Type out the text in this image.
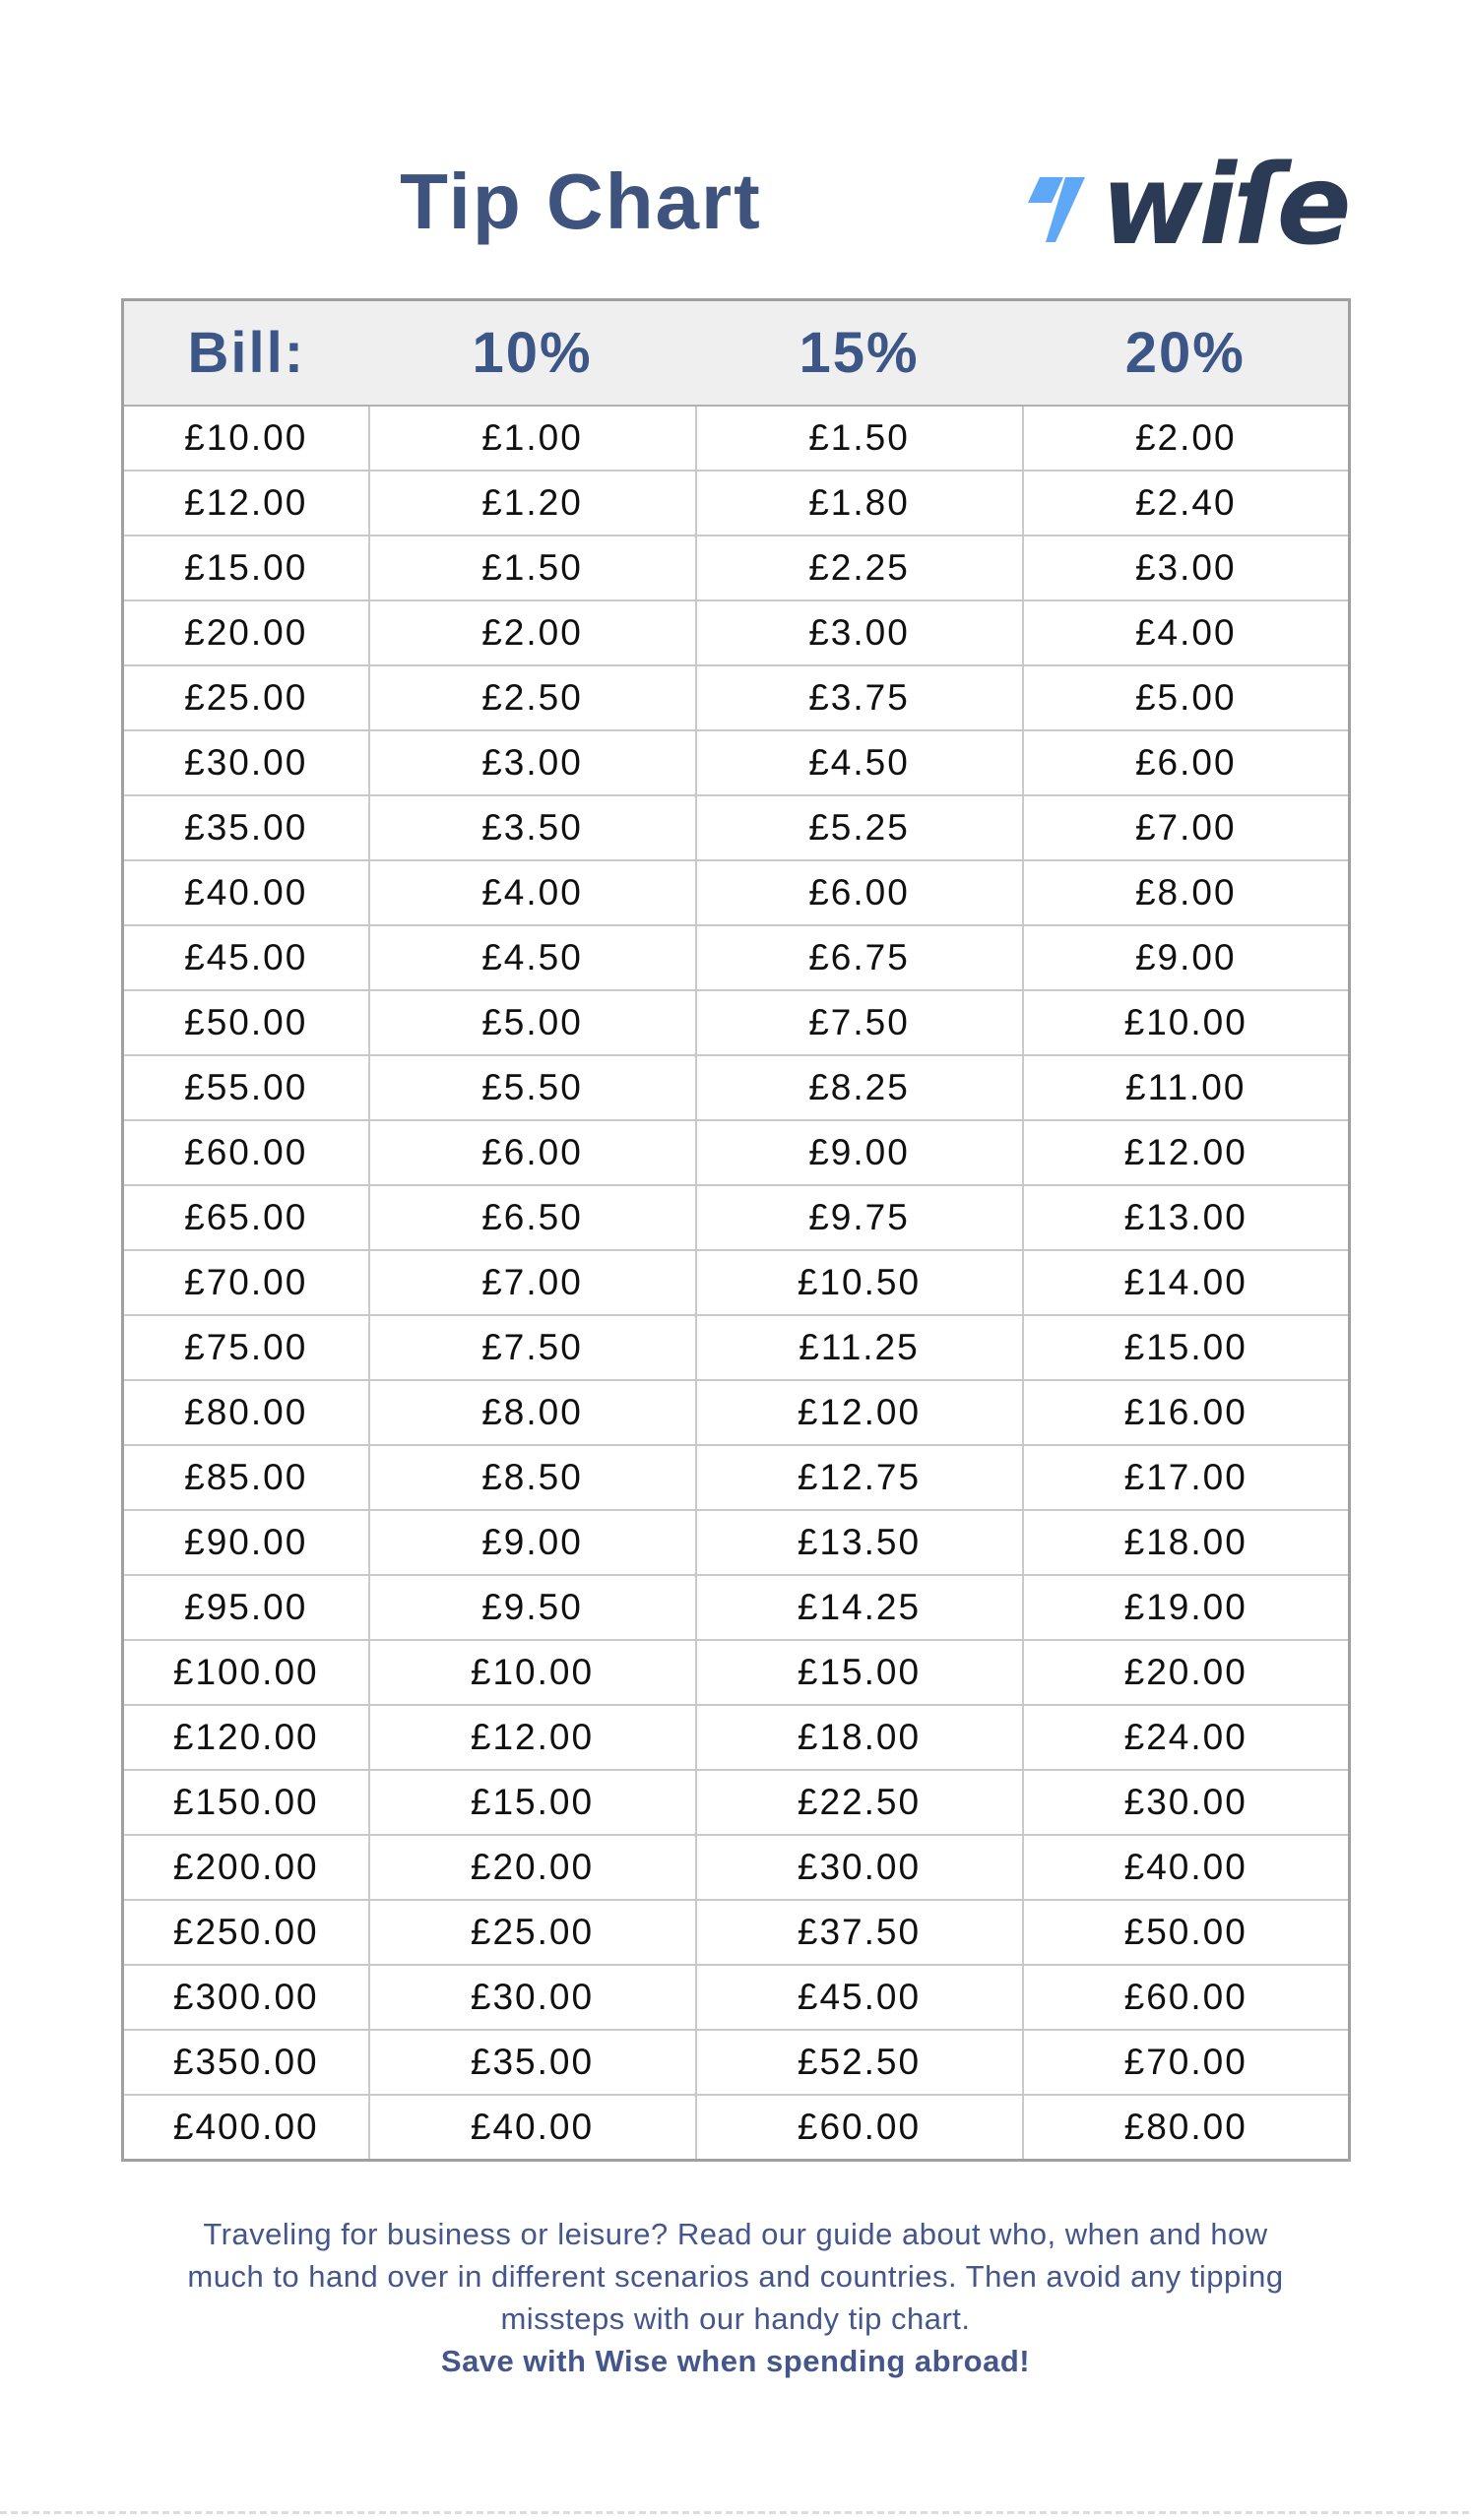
Tip Chart	wiſe
Bill:	10%	15%	20%
£10.00	£1.00	£1.50	£2.00
£12.00	£1.20	£1.80	£2.40
£15.00	£1.50	£2.25	£3.00
£20.00	£2.00	£3.00	£4.00
£25.00	£2.50	£3.75	£5.00
£30.00	£3.00	£4.50	£6.00
£35.00	£3.50	£5.25	£7.00
£40.00	£4.00	£6.00	£8.00
£45.00	£4.50	£6.75	£9.00
£50.00	£5.00	£7.50	£10.00
£55.00	£5.50	£8.25	£11.00
£60.00	£6.00	£9.00	£12.00
£65.00	£6.50	£9.75	£13.00
£70.00	£7.00	£10.50	£14.00
£75.00	£7.50	£11.25	£15.00
£80.00	£8.00	£12.00	£16.00
£85.00	£8.50	£12.75	£17.00
£90.00	£9.00	£13.50	£18.00
£95.00	£9.50	£14.25	£19.00
£100.00	£10.00	£15.00	£20.00
£120.00	£12.00	£18.00	£24.00
£150.00	£15.00	£22.50	£30.00
£200.00	£20.00	£30.00	£40.00
£250.00	£25.00	£37.50	£50.00
£300.00	£30.00	£45.00	£60.00
£350.00	£35.00	£52.50	£70.00
£400.00	£40.00	£60.00	£80.00
Traveling for business or leisure? Read our guide about who, when and how
much to hand over in different scenarios and countries. Then avoid any tipping
missteps with our handy tip chart.
Save with Wise when spending abroad!
